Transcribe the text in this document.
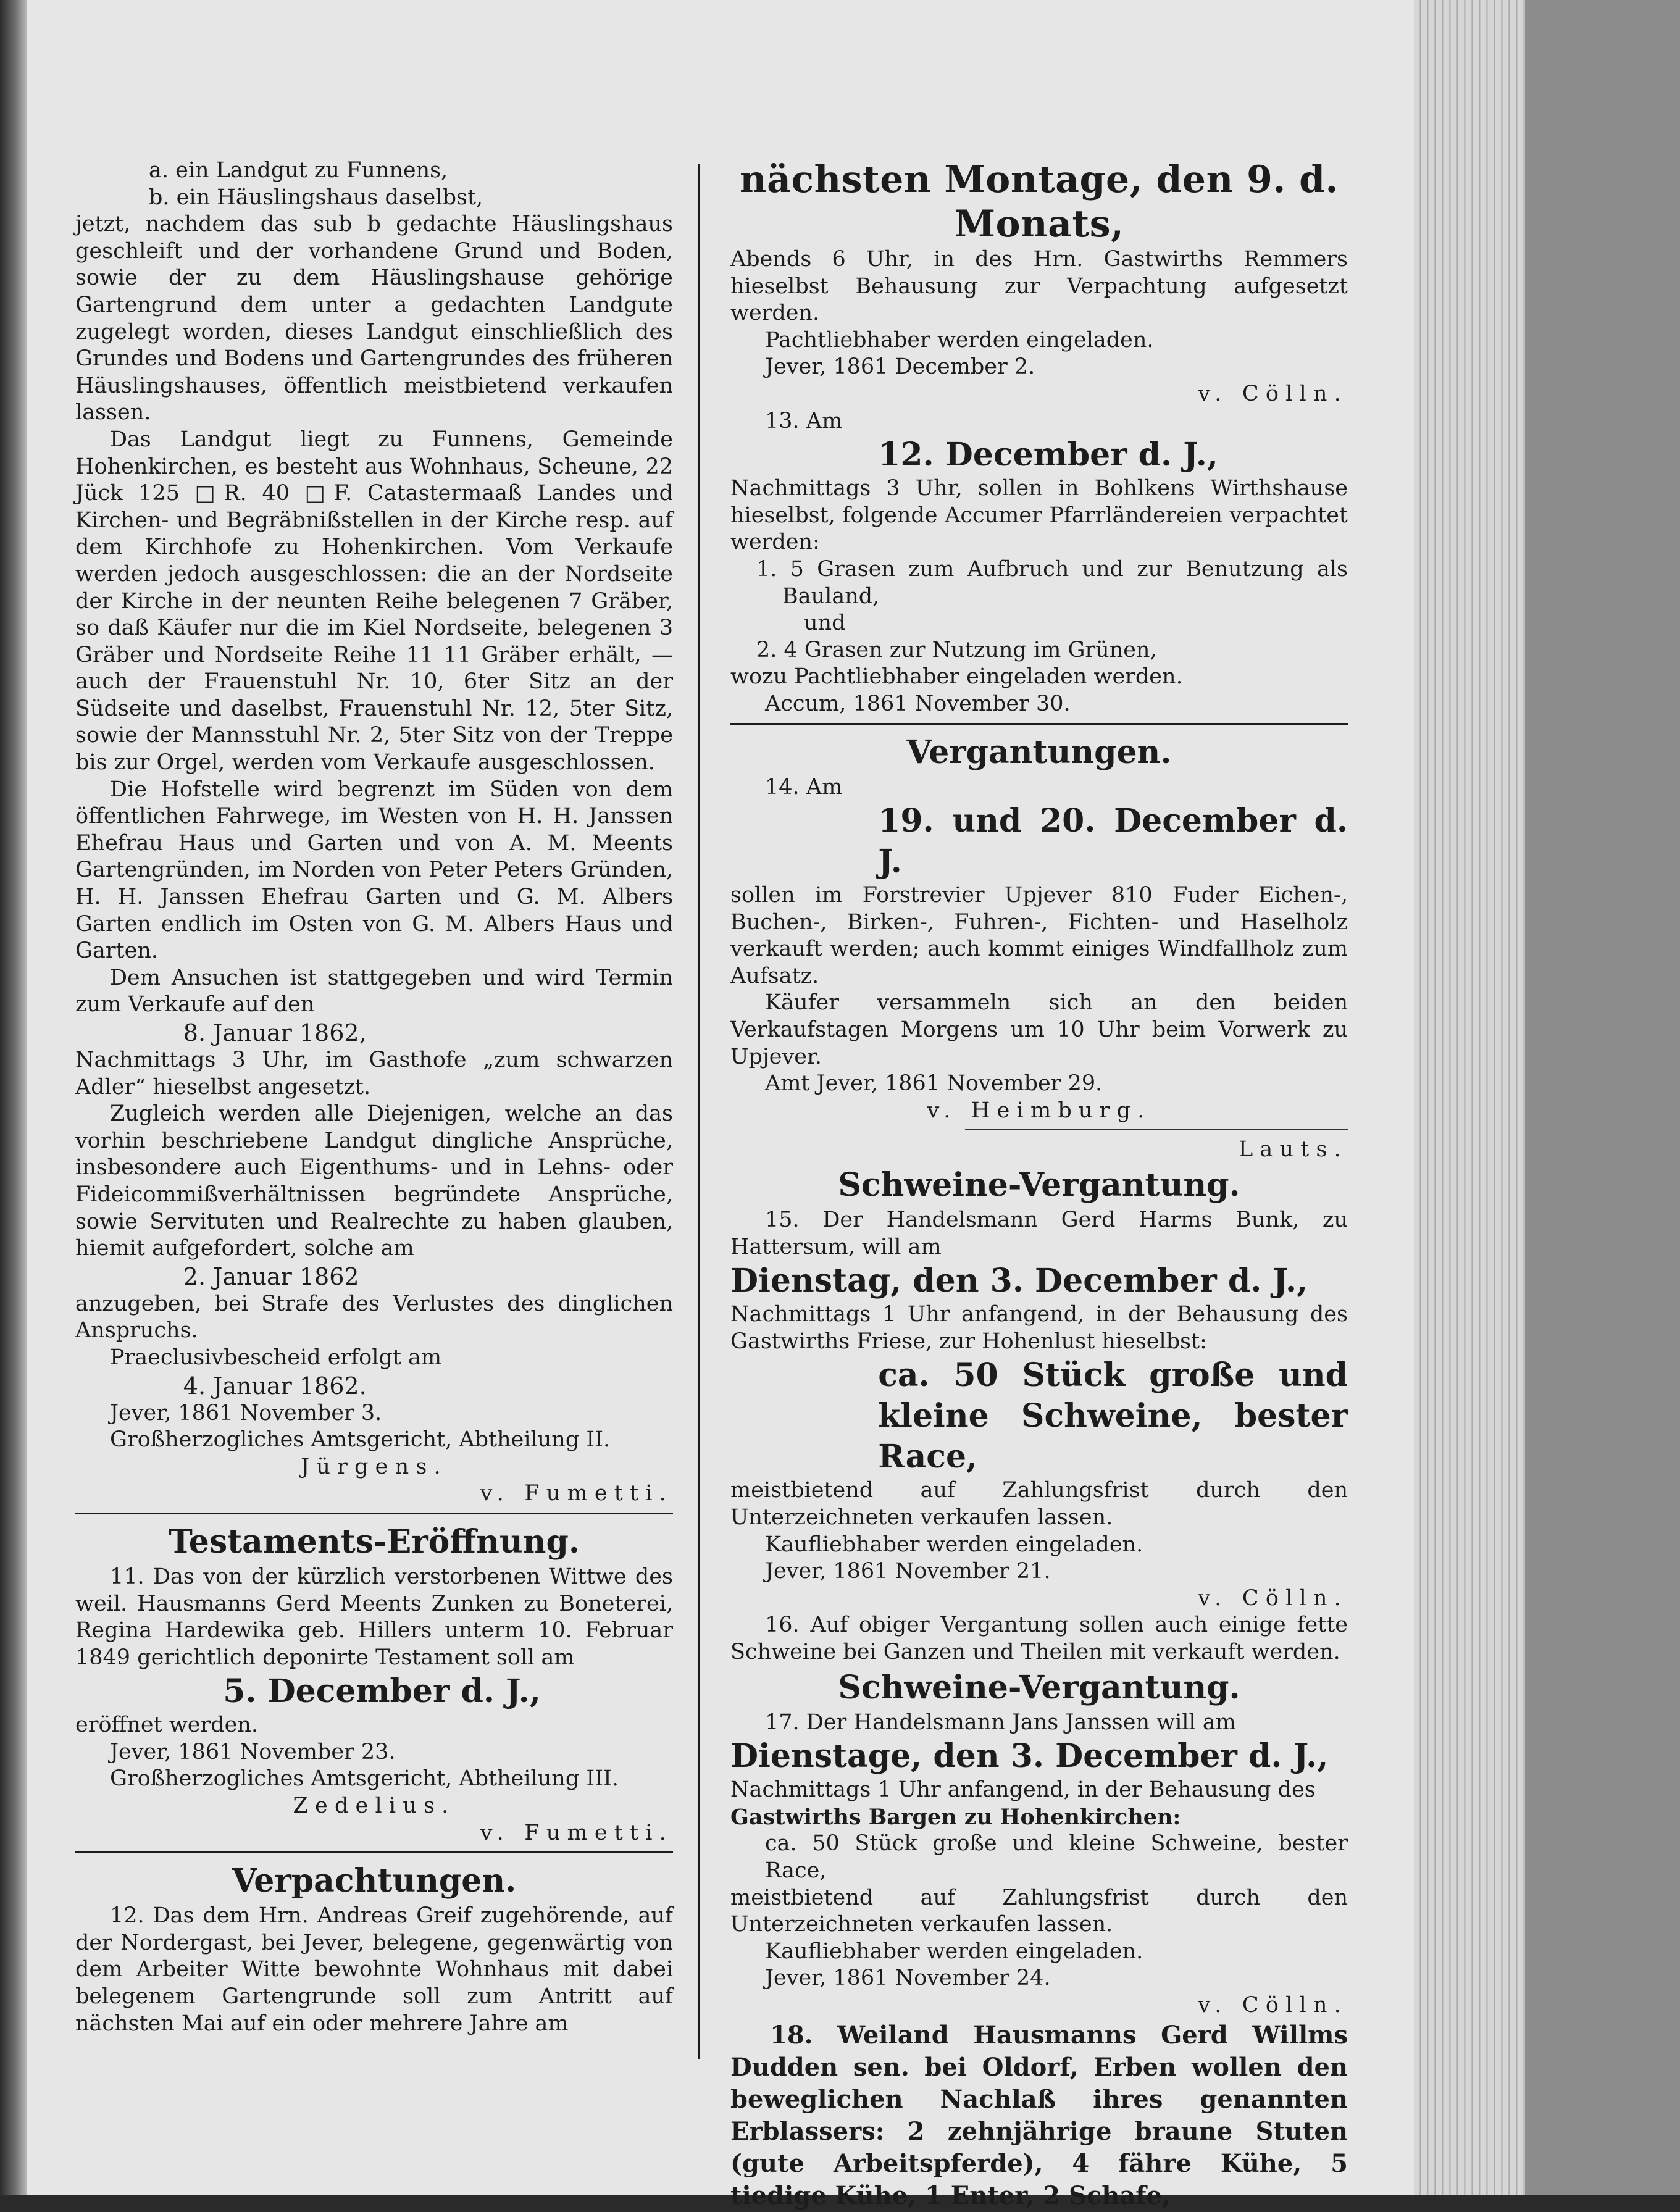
a. ein Landgut zu Funnens,

b. ein Häuslingshaus daselbst,

jetzt, nachdem das sub b gedachte Häuslingshaus geschleift und der vorhandene Grund und Boden, sowie der zu dem Häuslingshause gehörige Gartengrund dem unter a gedachten Landgute zugelegt worden, dieses Landgut einschließlich des Grundes und Bodens und Gartengrundes des früheren Häuslingshauses, öffentlich meistbietend verkaufen lassen.

Das Landgut liegt zu Funnens, Gemeinde Hohenkirchen, es besteht aus Wohnhaus, Scheune, 22 Jück 125 □R. 40 □F. Catastermaaß Landes und Kirchen- und Begräbnißstellen in der Kirche resp. auf dem Kirchhofe zu Hohenkirchen. Vom Verkaufe werden jedoch ausgeschlossen: die an der Nordseite der Kirche in der neunten Reihe belegenen 7 Gräber, so daß Käufer nur die im Kiel Nordseite, belegenen 3 Gräber und Nordseite Reihe 11 11 Gräber erhält, — auch der Frauenstuhl Nr. 10, 6ter Sitz an der Südseite und daselbst, Frauenstuhl Nr. 12, 5ter Sitz, sowie der Mannsstuhl Nr. 2, 5ter Sitz von der Treppe bis zur Orgel, werden vom Verkaufe ausgeschlossen.

Die Hofstelle wird begrenzt im Süden von dem öffentlichen Fahrwege, im Westen von H. H. Janssen Ehefrau Haus und Garten und von A. M. Meents Gartengründen, im Norden von Peter Peters Gründen, H. H. Janssen Ehefrau Garten und G. M. Albers Garten endlich im Osten von G. M. Albers Haus und Garten.

Dem Ansuchen ist stattgegeben und wird Termin zum Verkaufe auf den

8. Januar 1862,

Nachmittags 3 Uhr, im Gasthofe „zum schwarzen Adler“ hieselbst angesetzt.

Zugleich werden alle Diejenigen, welche an das vorhin beschriebene Landgut dingliche Ansprüche, insbesondere auch Eigenthums- und in Lehns- oder Fideicommißverhältnissen begründete Ansprüche, sowie Servituten und Realrechte zu haben glauben, hiemit aufgefordert, solche am

2. Januar 1862

anzugeben, bei Strafe des Verlustes des dinglichen Anspruchs.

Praeclusivbescheid erfolgt am

4. Januar 1862.

Jever, 1861 November 3.

Großherzogliches Amtsgericht, Abtheilung II.

Jürgens.

v. Fumetti.

Testaments-Eröffnung.

11. Das von der kürzlich verstorbenen Wittwe des weil. Hausmanns Gerd Meents Zunken zu Boneterei, Regina Hardewika geb. Hillers unterm 10. Februar 1849 gerichtlich deponirte Testament soll am

5. December d. J.,

eröffnet werden.

Jever, 1861 November 23.

Großherzogliches Amtsgericht, Abtheilung III.

Zedelius.

v. Fumetti.

Verpachtungen.

12. Das dem Hrn. Andreas Greif zugehörende, auf der Nordergast, bei Jever, belegene, gegenwärtig von dem Arbeiter Witte bewohnte Wohnhaus mit dabei belegenem Gartengrunde soll zum Antritt auf nächsten Mai auf ein oder mehrere Jahre am

nächsten Montage, den 9. d. Monats,

Abends 6 Uhr, in des Hrn. Gastwirths Remmers hieselbst Behausung zur Verpachtung aufgesetzt werden.

Pachtliebhaber werden eingeladen.

Jever, 1861 December 2.

v. Cölln.

13. Am

12. December d. J.,

Nachmittags 3 Uhr, sollen in Bohlkens Wirthshause hieselbst, folgende Accumer Pfarrländereien verpachtet werden:

1. 5 Grasen zum Aufbruch und zur Benutzung als Bauland,

und

2. 4 Grasen zur Nutzung im Grünen,

wozu Pachtliebhaber eingeladen werden.

Accum, 1861 November 30.

Vergantungen.

14. Am

19. und 20. December d. J.

sollen im Forstrevier Upjever 810 Fuder Eichen-, Buchen-, Birken-, Fuhren-, Fichten- und Haselholz verkauft werden; auch kommt einiges Windfallholz zum Aufsatz.

Käufer versammeln sich an den beiden Verkaufstagen Morgens um 10 Uhr beim Vorwerk zu Upjever.

Amt Jever, 1861 November 29.

v. Heimburg.

Lauts.

Schweine-Vergantung.

15. Der Handelsmann Gerd Harms Bunk, zu Hattersum, will am

Dienstag, den 3. December d. J.,

Nachmittags 1 Uhr anfangend, in der Behausung des Gastwirths Friese, zur Hohenlust hieselbst:

ca. 50 Stück große und kleine Schweine, bester Race,

meistbietend auf Zahlungsfrist durch den Unterzeichneten verkaufen lassen.

Kaufliebhaber werden eingeladen.

Jever, 1861 November 21.

v. Cölln.

16. Auf obiger Vergantung sollen auch einige fette Schweine bei Ganzen und Theilen mit verkauft werden.

Schweine-Vergantung.

17. Der Handelsmann Jans Janssen will am

Dienstage, den 3. December d. J.,

Nachmittags 1 Uhr anfangend, in der Behausung des

Gastwirths Bargen zu Hohenkirchen:

ca. 50 Stück große und kleine Schweine, bester Race,

meistbietend auf Zahlungsfrist durch den Unterzeichneten verkaufen lassen.

Kaufliebhaber werden eingeladen.

Jever, 1861 November 24.

v. Cölln.

18. Weiland Hausmanns Gerd Willms Dudden sen. bei Oldorf, Erben wollen den beweglichen Nachlaß ihres genannten Erblassers: 2 zehnjährige braune Stuten (gute Arbeitspferde), 4 fähre Kühe, 5 tiedige Kühe, 1 Enter, 2 Schafe,
